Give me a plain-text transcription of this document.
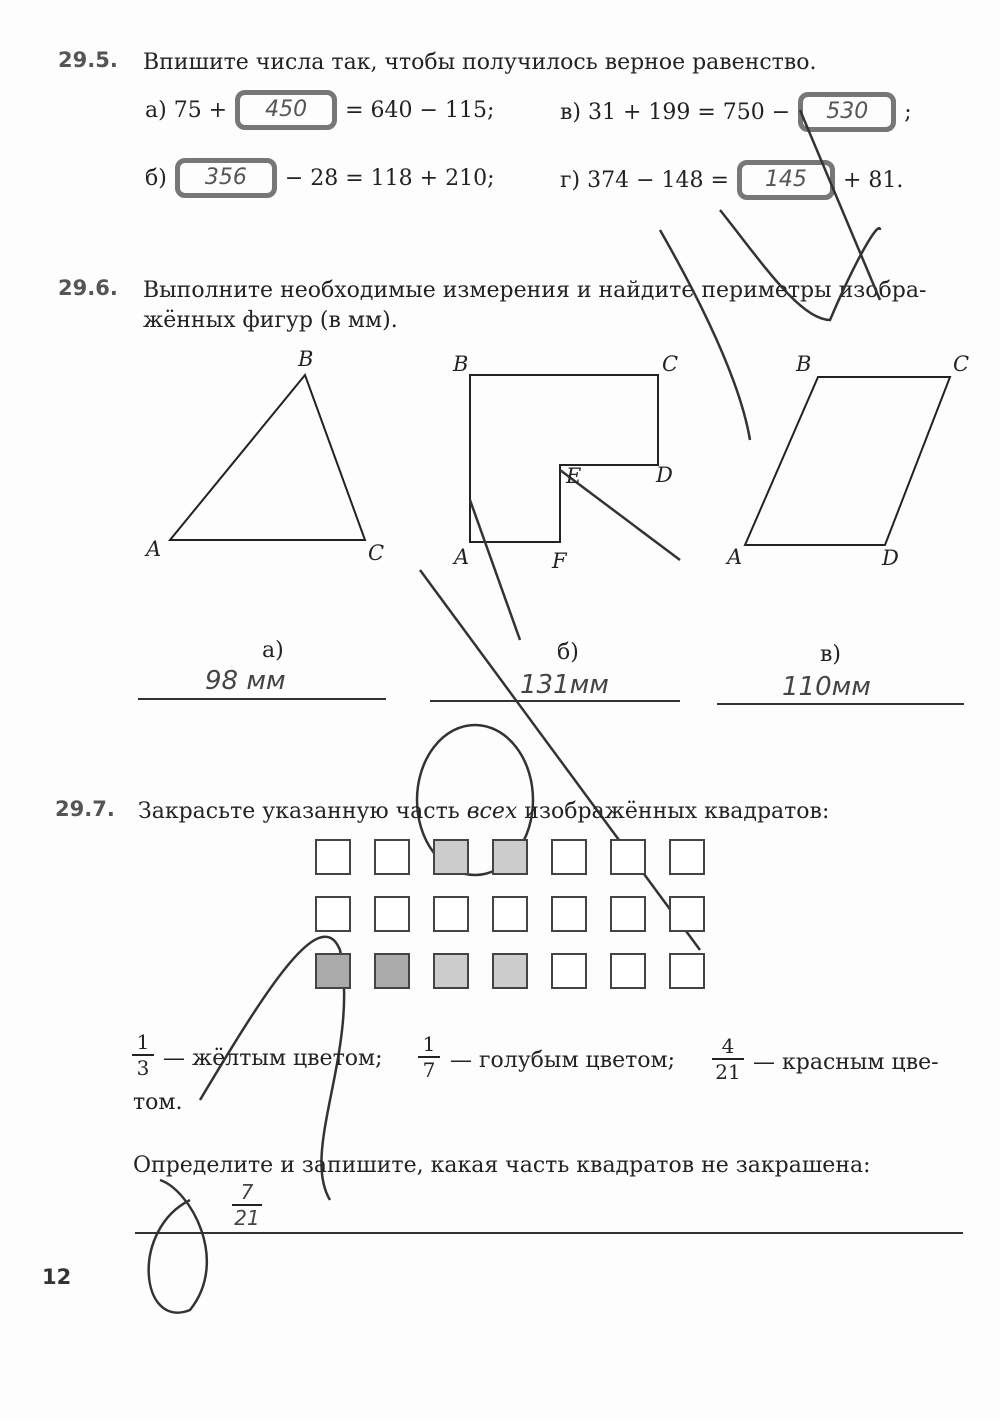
29.5. Впишите числа так, чтобы получилось верное равенство.
а) 75 +	450	= 640 − 115;	в) 31 + 199 = 750 −	530	;
б)	356	− 28 = 118 + 210;	г) 374 − 148 =	145	+ 81.
29.6. Выполните необходимые измерения и найдите периметры изобра-
жённых фигур (в мм).
A
B
C	A
B	C
D
E
F	A
B	C
D
а)	б)	в)
98 мм	131мм	110мм
29.7. Закрасьте указанную часть всех изображённых квадратов:
$\frac{1}{3}$ — жёлтым цветом; $\frac{1}{7}$ — голубым цветом; $\frac{4}{21}$ — красным цве-
том.
Определите и запишите, какая часть квадратов не закрашена:
$\frac{7}{21}$
12
